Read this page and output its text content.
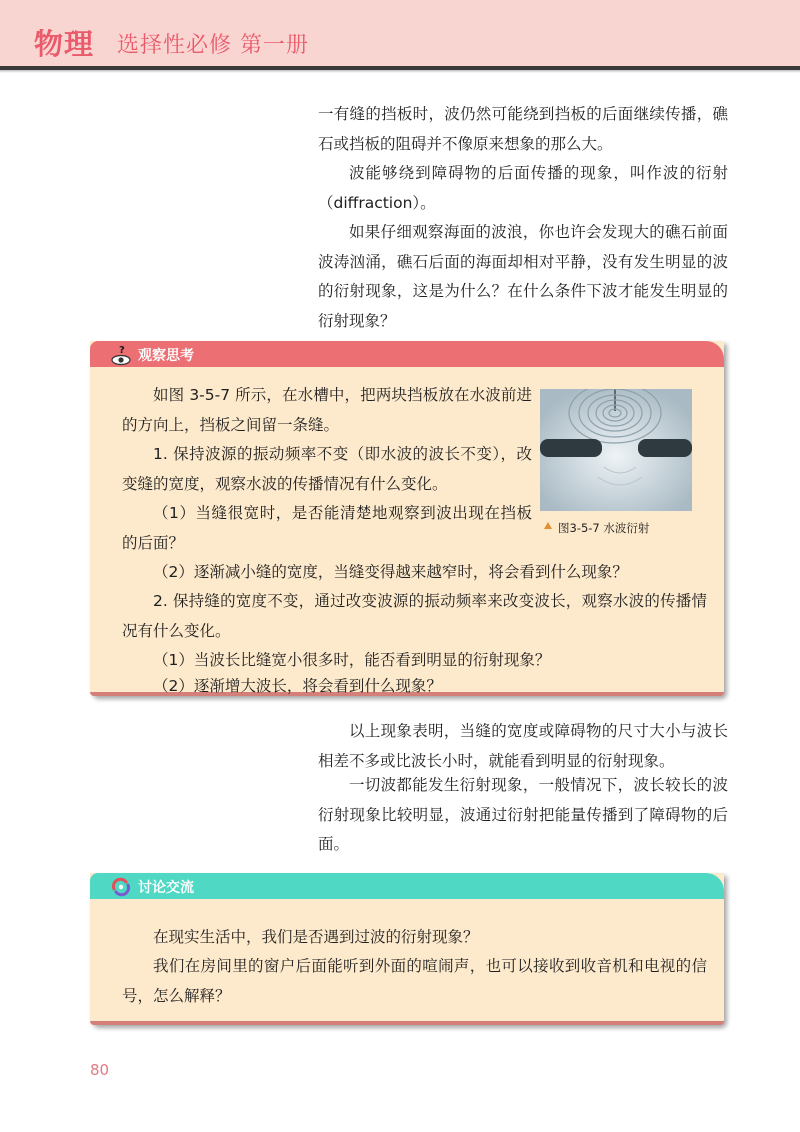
物理 选择性必修 第一册

一有缝的挡板时，波仍然可能绕到挡板的后面继续传播，礁石或挡板的阻碍并不像原来想象的那么大。

波能够绕到障碍物的后面传播的现象，叫作波的衍射（diffraction）。

如果仔细观察海面的波浪，你也许会发现大的礁石前面波涛汹涌，礁石后面的海面却相对平静，没有发生明显的波的衍射现象，这是为什么？在什么条件下波才能发生明显的衍射现象？

? 观察思考

如图 3-5-7 所示，在水槽中，把两块挡板放在水波前进的方向上，挡板之间留一条缝。

1. 保持波源的振动频率不变（即水波的波长不变），改变缝的宽度，观察水波的传播情况有什么变化。

（1）当缝很宽时，是否能清楚地观察到波出现在挡板的后面？

（2）逐渐减小缝的宽度，当缝变得越来越窄时，将会看到什么现象？

2. 保持缝的宽度不变，通过改变波源的振动频率来改变波长，观察水波的传播情况有什么变化。

（1）当波长比缝宽小很多时，能否看到明显的衍射现象？

（2）逐渐增大波长，将会看到什么现象？

图3-5-7 水波衍射

以上现象表明，当缝的宽度或障碍物的尺寸大小与波长相差不多或比波长小时，就能看到明显的衍射现象。

一切波都能发生衍射现象，一般情况下，波长较长的波衍射现象比较明显，波通过衍射把能量传播到了障碍物的后面。

讨论交流

在现实生活中，我们是否遇到过波的衍射现象？

我们在房间里的窗户后面能听到外面的喧闹声，也可以接收到收音机和电视的信号，怎么解释？

80
